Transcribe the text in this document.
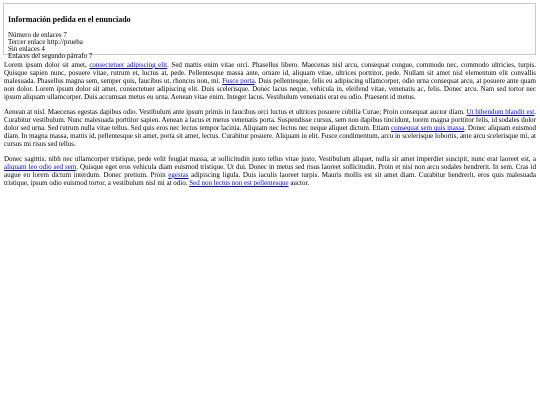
Información pedida en el enunciado
Número de enlaces 7
Tercer enlace http://prueba
Sin enlaces 4
Enlaces del segundo párrafo 7

Lorem ipsum dolor sit amet, consectetuer adipiscing elit. Sed mattis enim vitae orci. Phasellus libero. Maecenas nisl arcu, consequat congue, commodo nec, commodo ultricies, turpis. Quisque sapien nunc, posuere vitae, rutrum et, luctus at, pede. Pellentesque massa ante, ornare id, aliquam vitae, ultrices porttitor, pede. Nullam sit amet nisl elementum elit convallis malesuada. Phasellus magna sem, semper quis, faucibus ut, rhoncus non, mi. Fusce porta. Duis pellentesque, felis eu adipiscing ullamcorper, odio urna consequat arcu, at posuere ante quam non dolor. Lorem ipsum dolor sit amet, consectetuer adipiscing elit. Duis scelerisque. Donec lacus neque, vehicula in, eleifend vitae, venenatis ac, felis. Donec arcu. Nam sed tortor nec ipsum aliquam ullamcorper. Duis accumsan metus eu urna. Aenean vitae enim. Integer lacus. Vestibulum venenatis erat eu odio. Praesent id metus.

Aenean at nisl. Maecenas egestas dapibus odio. Vestibulum ante ipsum primis in faucibus orci luctus et ultrices posuere cubilia Curae; Proin consequat auctor diam. Ut bibendum blandit est. Curabitur vestibulum. Nunc malesuada porttitor sapien. Aenean a lacus et metus venenatis porta. Suspendisse cursus, sem non dapibus tincidunt, lorem magna porttitor felis, id sodales dolor dolor sed urna. Sed rutrum nulla vitae tellus. Sed quis eros nec lectus tempor lacinia. Aliquam nec lectus nec neque aliquet dictum. Etiam consequat sem quis massa. Donec aliquam euismod diam. In magna massa, mattis id, pellentesque sit amet, porta sit amet, lectus. Curabitur posuere. Aliquam in elit. Fusce condimentum, arcu in scelerisque lobortis, ante arcu scelerisque mi, at cursus mi risus sed tellus.

Donec sagittis, nibh nec ullamcorper tristique, pede velit feugiat massa, at sollicitudin justo tellus vitae justo. Vestibulum aliquet, nulla sit amet imperdiet suscipit, nunc erat laoreet est, a aliquam leo odio sed sem. Quisque eget eros vehicula diam euismod tristique. Ut dui. Donec in metus sed risus laoreet sollicitudin. Proin et nisi non arcu sodales hendrerit. In sem. Cras id augue eu lorem dictum interdum. Donec pretium. Proin egestas adipiscing ligula. Duis iaculis laoreet turpis. Mauris mollis est sit amet diam. Curabitur hendrerit, eros quis malesuada tristique, ipsum odio euismod tortor, a vestibulum nisl mi at odio. Sed non lectus non est pellentesque auctor.
